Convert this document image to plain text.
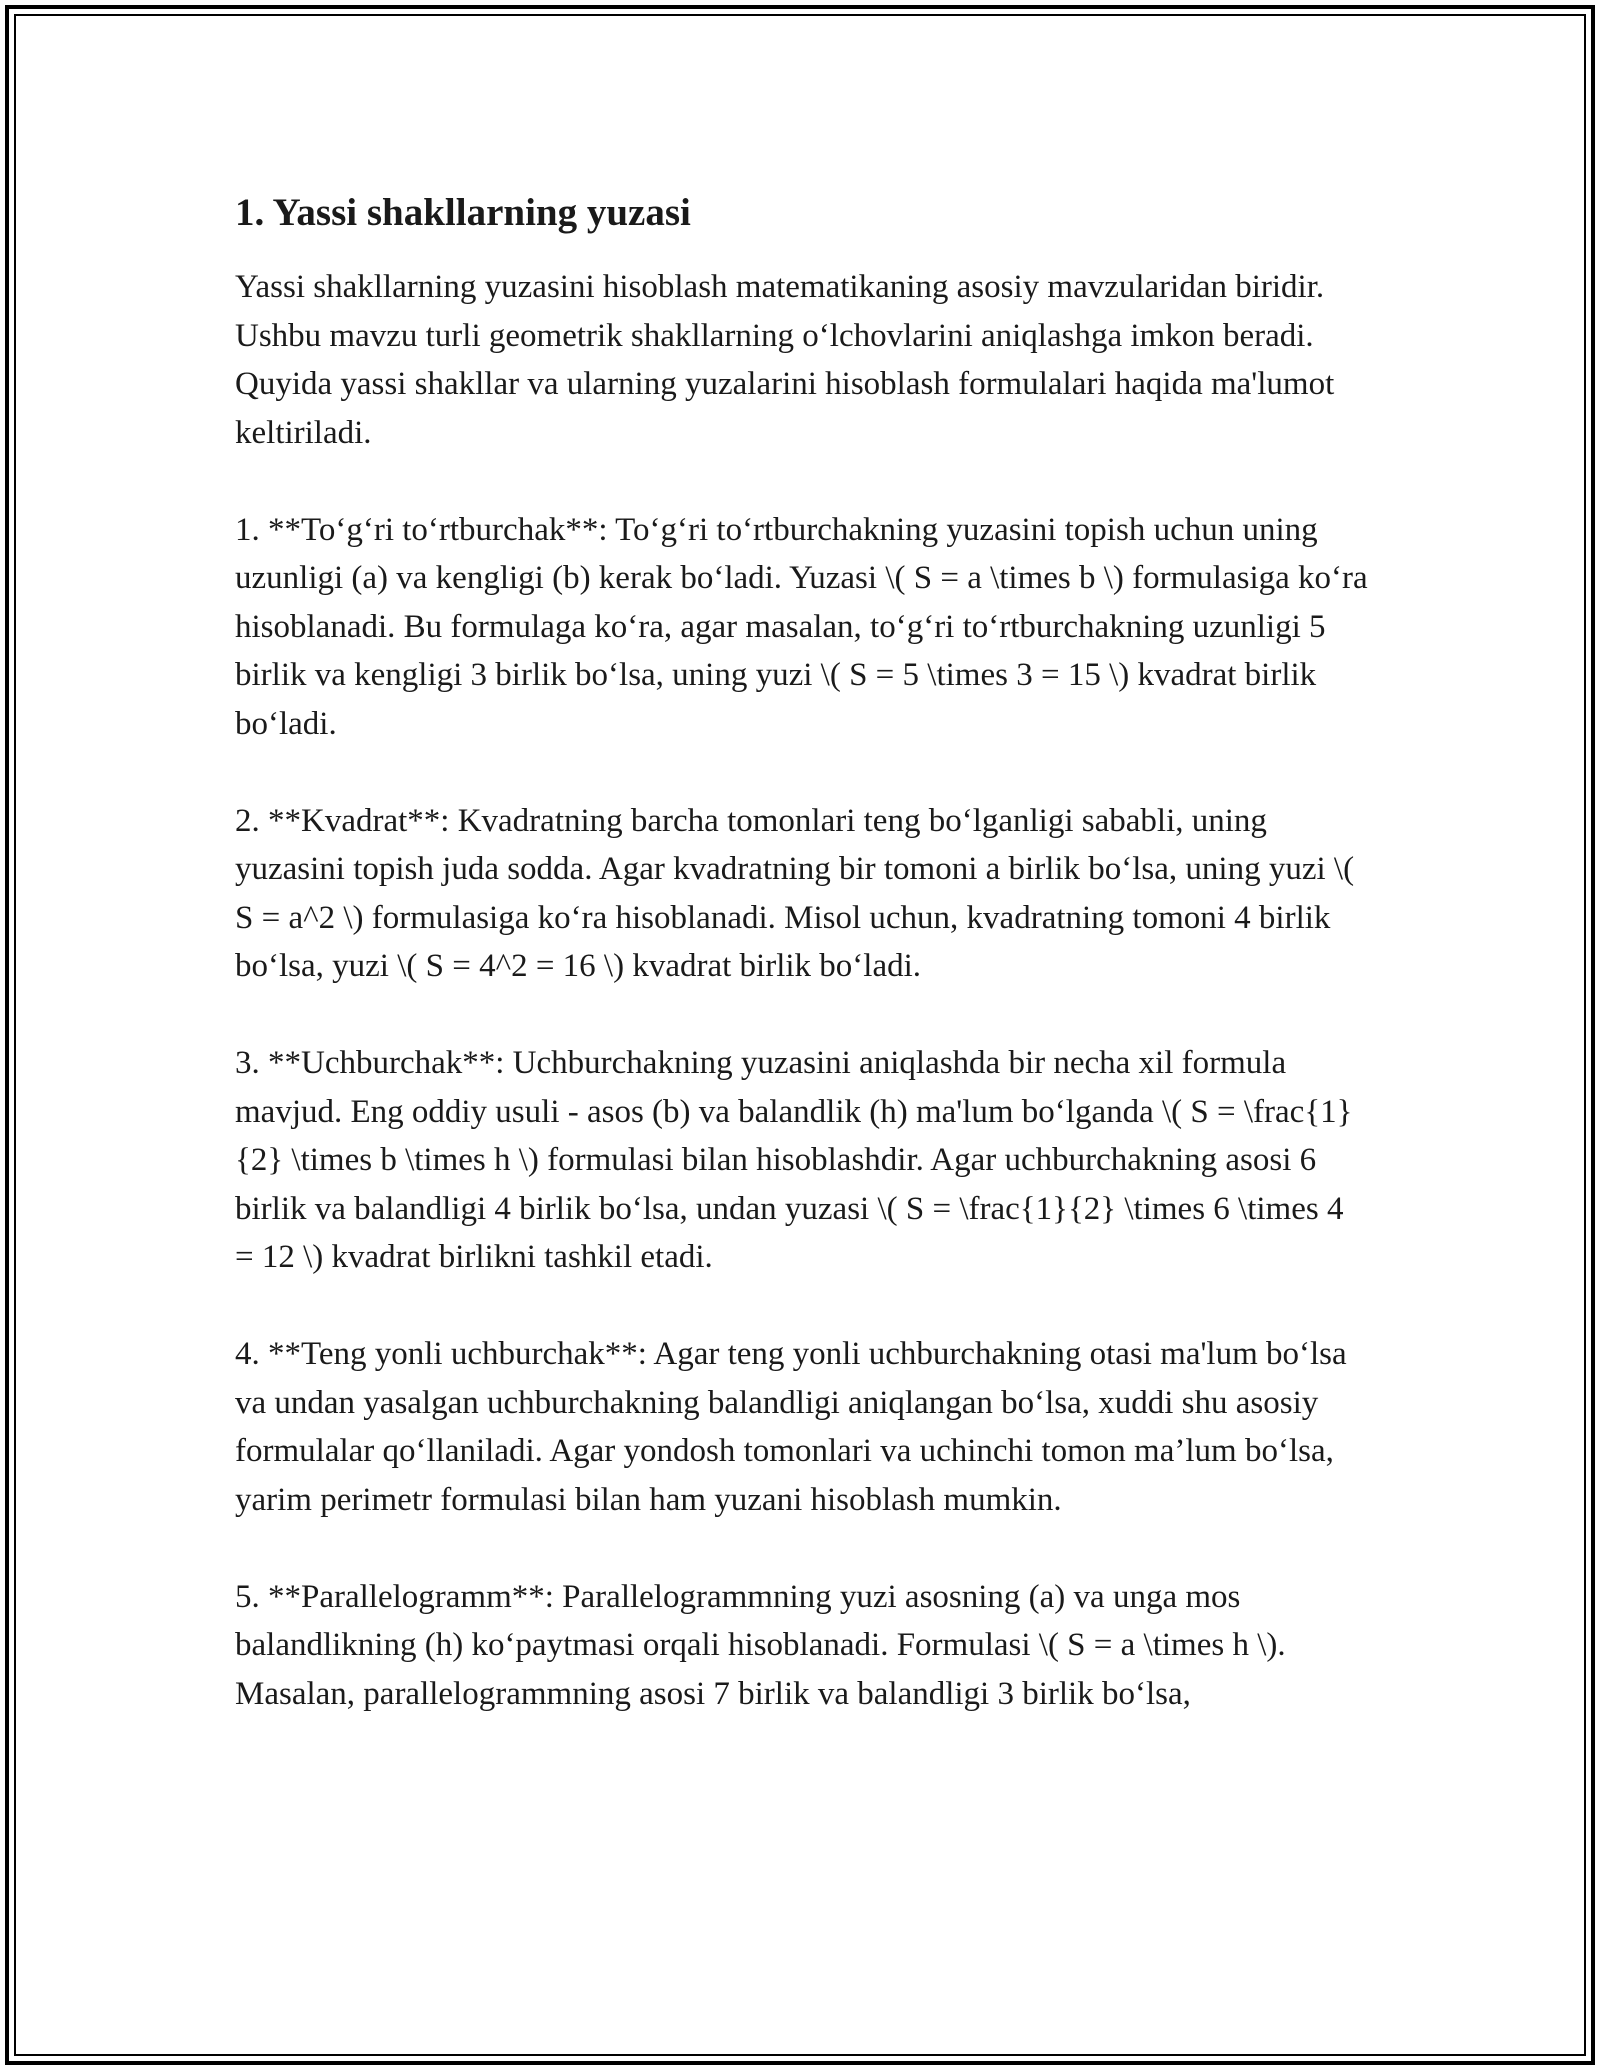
1. Yassi shakllarning yuzasi

Yassi shakllarning yuzasini hisoblash matematikaning asosiy mavzularidan biridir. Ushbu mavzu turli geometrik shakllarning o‘lchovlarini aniqlashga imkon beradi. Quyida yassi shakllar va ularning yuzalarini hisoblash formulalari haqida ma'lumot keltiriladi.

1. **To‘g‘ri to‘rtburchak**: To‘g‘ri to‘rtburchakning yuzasini topish uchun uning uzunligi (a) va kengligi (b) kerak bo‘ladi. Yuzasi \( S = a \times b \) formulasiga ko‘ra hisoblanadi. Bu formulaga ko‘ra, agar masalan, to‘g‘ri to‘rtburchakning uzunligi 5 birlik va kengligi 3 birlik bo‘lsa, uning yuzi \( S = 5 \times 3 = 15 \) kvadrat birlik bo‘ladi.

2. **Kvadrat**: Kvadratning barcha tomonlari teng bo‘lganligi sababli, uning yuzasini topish juda sodda. Agar kvadratning bir tomoni a birlik bo‘lsa, uning yuzi \( S = a^2 \) formulasiga ko‘ra hisoblanadi. Misol uchun, kvadratning tomoni 4 birlik bo‘lsa, yuzi \( S = 4^2 = 16 \) kvadrat birlik bo‘ladi.

3. **Uchburchak**: Uchburchakning yuzasini aniqlashda bir necha xil formula mavjud. Eng oddiy usuli - asos (b) va balandlik (h) ma'lum bo‘lganda \( S = \frac{1}{2} \times b \times h \) formulasi bilan hisoblashdir. Agar uchburchakning asosi 6 birlik va balandligi 4 birlik bo‘lsa, undan yuzasi \( S = \frac{1}{2} \times 6 \times 4 = 12 \) kvadrat birlikni tashkil etadi.

4. **Teng yonli uchburchak**: Agar teng yonli uchburchakning otasi ma'lum bo‘lsa va undan yasalgan uchburchakning balandligi aniqlangan bo‘lsa, xuddi shu asosiy formulalar qo‘llaniladi. Agar yondosh tomonlari va uchinchi tomon ma’lum bo‘lsa, yarim perimetr formulasi bilan ham yuzani hisoblash mumkin.

5. **Parallelogramm**: Parallelogrammning yuzi asosning (a) va unga mos balandlikning (h) ko‘paytmasi orqali hisoblanadi. Formulasi \( S = a \times h \). Masalan, parallelogrammning asosi 7 birlik va balandligi 3 birlik bo‘lsa,
